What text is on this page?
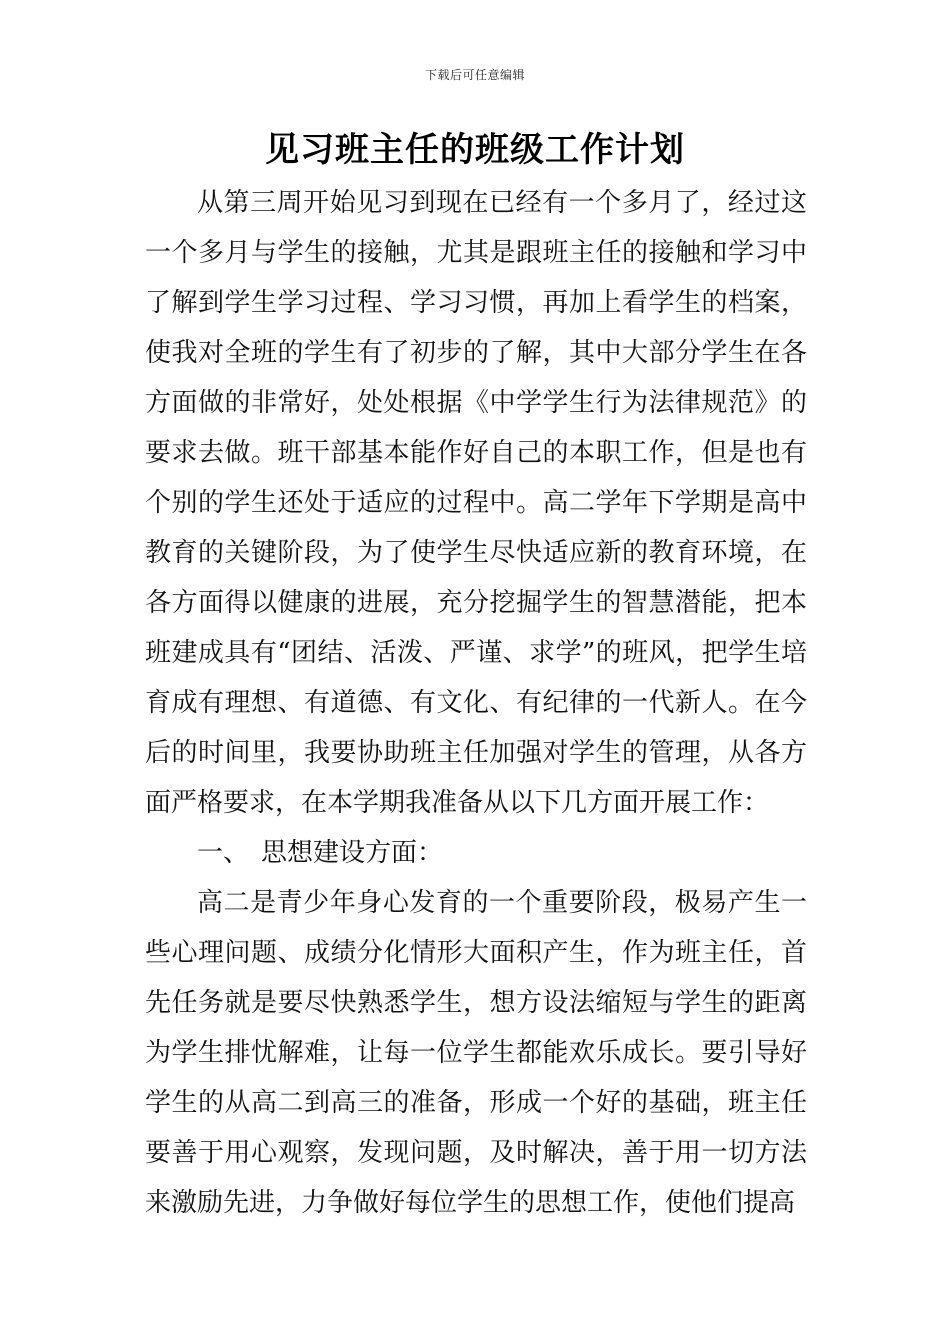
下载后可任意编辑
见习班主任的班级工作计划

从第三周开始见习到现在已经有一个多月了，经过这一个多月与学生的接触，尤其是跟班主任的接触和学习中了解到学生学习过程、学习习惯，再加上看学生的档案，使我对全班的学生有了初步的了解，其中大部分学生在各方面做的非常好，处处根据《中学学生行为法律规范》的要求去做。班干部基本能作好自己的本职工作，但是也有个别的学生还处于适应的过程中。高二学年下学期是高中教育的关键阶段，为了使学生尽快适应新的教育环境，在各方面得以健康的进展，充分挖掘学生的智慧潜能，把本班建成具有“团结、活泼、严谨、求学”的班风，把学生培育成有理想、有道德、有文化、有纪律的一代新人。在今后的时间里，我要协助班主任加强对学生的管理，从各方面严格要求，在本学期我准备从以下几方面开展工作：

一、 思想建设方面：

高二是青少年身心发育的一个重要阶段，极易产生一些心理问题、成绩分化情形大面积产生，作为班主任，首先任务就是要尽快熟悉学生，想方设法缩短与学生的距离为学生排忧解难，让每一位学生都能欢乐成长。要引导好学生的从高二到高三的准备，形成一个好的基础，班主任要善于用心观察，发现问题，及时解决，善于用一切方法来激励先进，力争做好每位学生的思想工作，使他们提高
